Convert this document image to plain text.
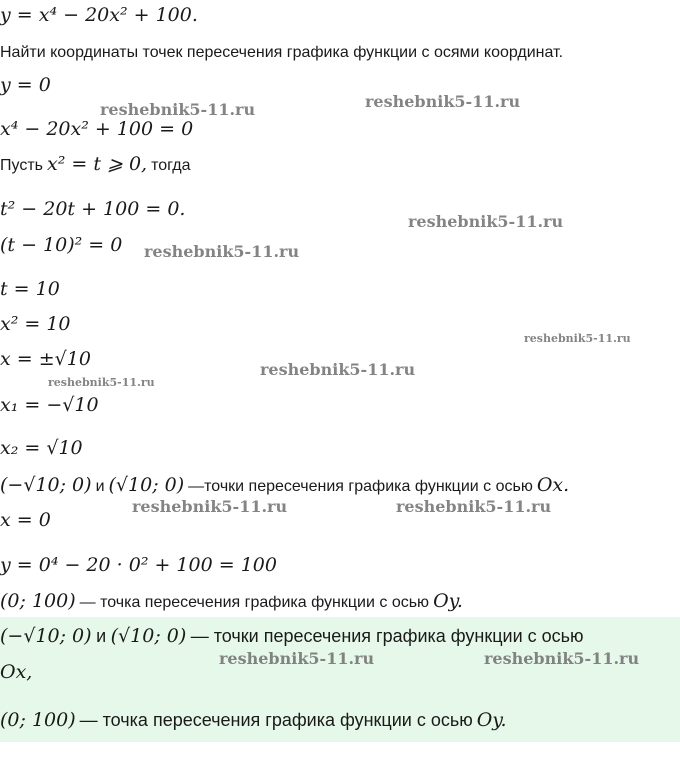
y = x⁴ − 20x² + 100.
Найти координаты точек пересечения графика функции с осями координат.
y = 0
x⁴ − 20x² + 100 = 0
Пусть x² = t ⩾ 0, тогда
t² − 20t + 100 = 0.
(t − 10)² = 0
t = 10
x² = 10
x = ±√10
x₁ = −√10
x₂ = √10
(−√10; 0) и (√10; 0) —точки пересечения графика функции с осью Ox.
x = 0
y = 0⁴ − 20 · 0² + 100 = 100
(0; 100) — точка пересечения графика функции с осью Oy.
(−√10; 0) и (√10; 0) — точки пересечения графика функции с осью
Ox,
(0; 100) — точка пересечения графика функции с осью Oy.
reshebnik5-11.ru	reshebnik5-11.ru
reshebnik5-11.ru
reshebnik5-11.ru
reshebnik5-11.ru
reshebnik5-11.ru
reshebnik5-11.ru
reshebnik5-11.ru	reshebnik5-11.ru
reshebnik5-11.ru	reshebnik5-11.ru
